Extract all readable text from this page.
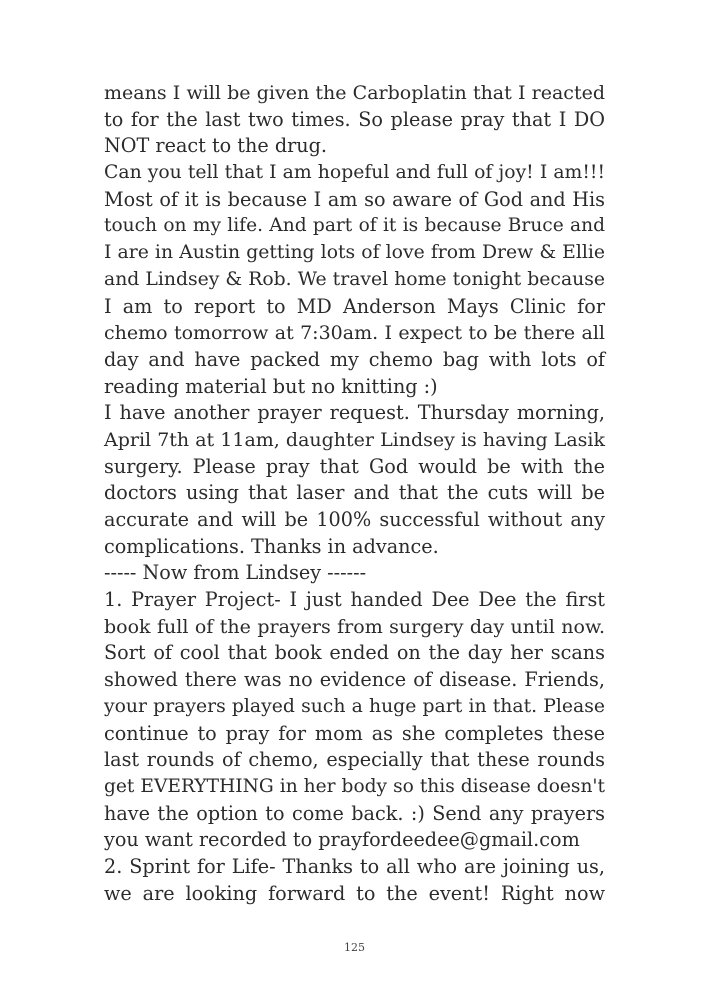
means I will be given the Carboplatin that I reacted
to for the last two times. So please pray that I DO
NOT react to the drug.
Can you tell that I am hopeful and full of joy! I am!!!
Most of it is because I am so aware of God and His
touch on my life. And part of it is because Bruce and
I are in Austin getting lots of love from Drew & Ellie
and Lindsey & Rob. We travel home tonight because
I am to report to MD Anderson Mays Clinic for
chemo tomorrow at 7:30am. I expect to be there all
day and have packed my chemo bag with lots of
reading material but no knitting :)
I have another prayer request. Thursday morning,
April 7th at 11am, daughter Lindsey is having Lasik
surgery. Please pray that God would be with the
doctors using that laser and that the cuts will be
accurate and will be 100% successful without any
complications. Thanks in advance.
----- Now from Lindsey ------
1. Prayer Project- I just handed Dee Dee the first
book full of the prayers from surgery day until now.
Sort of cool that book ended on the day her scans
showed there was no evidence of disease. Friends,
your prayers played such a huge part in that. Please
continue to pray for mom as she completes these
last rounds of chemo, especially that these rounds
get EVERYTHING in her body so this disease doesn't
have the option to come back. :) Send any prayers
you want recorded to prayfordeedee@gmail.com
2. Sprint for Life- Thanks to all who are joining us,
we are looking forward to the event! Right now
125
